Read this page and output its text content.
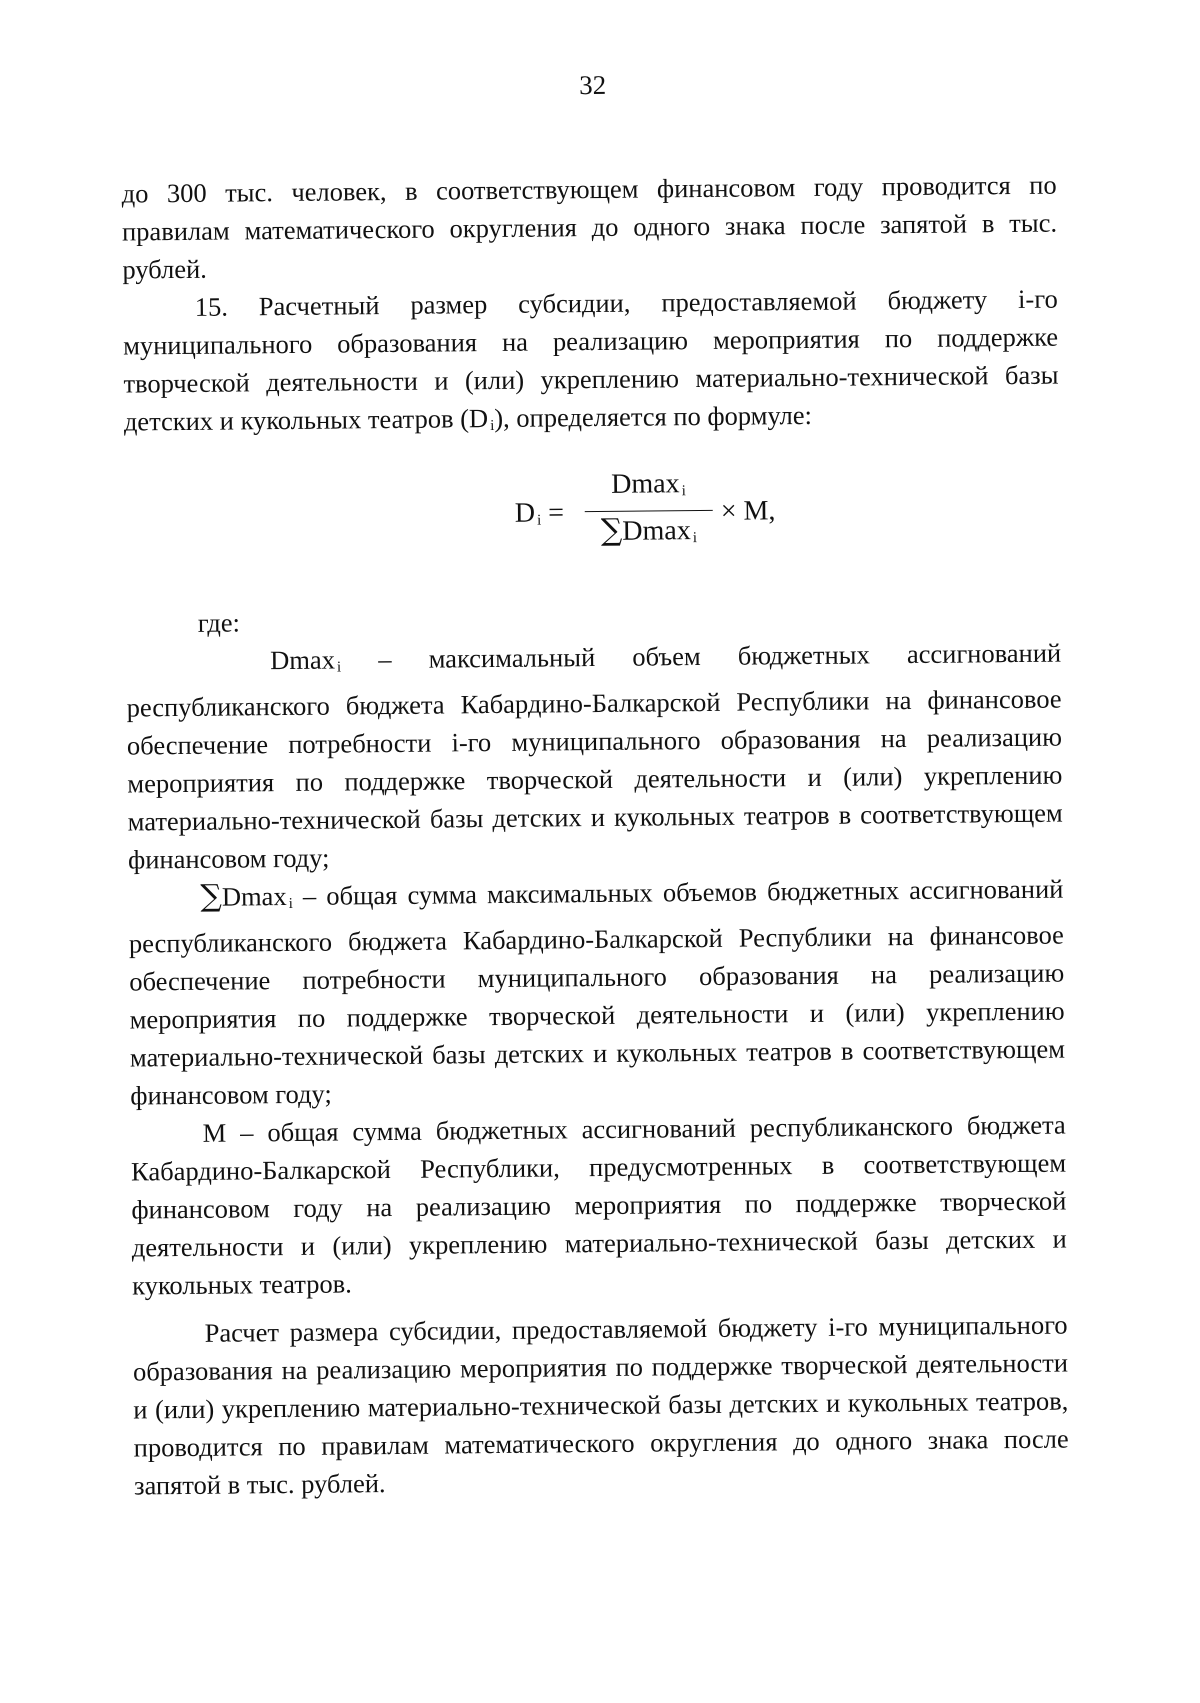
32

до 300 тыс. человек, в соответствующем финансовом году проводится по правилам математического округления до одного знака после запятой в тыс. рублей.

15. Расчетный размер субсидии, предоставляемой бюджету i-го муниципального образования на реализацию мероприятия по поддержке творческой деятельности и (или) укреплению материально-технической базы детских и кукольных театров (D $_i$), определяется по формуле:

D $_i$ =
Dmax $_i$
∑Dmax $_i$
× M,

где:

Dmax $_i$ – максимальный объем бюджетных ассигнований республиканского бюджета Кабардино-Балкарской Республики на финансовое обеспечение потребности i-го муниципального образования на реализацию мероприятия по поддержке творческой деятельности и (или) укреплению материально-технической базы детских и кукольных театров в соответствующем финансовом году;

∑Dmax $_i$ – общая сумма максимальных объемов бюджетных ассигнований республиканского бюджета Кабардино-Балкарской Республики на финансовое обеспечение потребности муниципального образования на реализацию мероприятия по поддержке творческой деятельности и (или) укреплению материально-технической базы детских и кукольных театров в соответствующем финансовом году;

M – общая сумма бюджетных ассигнований республиканского бюджета Кабардино-Балкарской Республики, предусмотренных в соответствующем финансовом году на реализацию мероприятия по поддержке творческой деятельности и (или) укреплению материально-технической базы детских и кукольных театров.

Расчет размера субсидии, предоставляемой бюджету i-го муниципального образования на реализацию мероприятия по поддержке творческой деятельности и (или) укреплению материально-технической базы детских и кукольных театров, проводится по правилам математического округления до одного знака после запятой в тыс. рублей.
